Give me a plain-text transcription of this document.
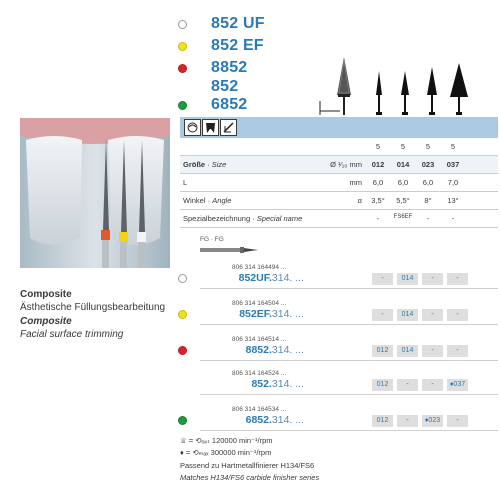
852 UF
852 EF
8852
852
6852
5	5	5	5
Größe · Size	Ø ¹⁄₁₀ mm	012	014	023	037
L	mm	6,0	6,0	6,0	7,0
Winkel · Angle	α	3,5°	5,5°	8°	13°
Spezialbezeichnung · Special name	-	FS6EF	-	-
FG · FG
806 314 164494 ...
852UF.314. ...	-	014	-	-
806 314 164504 ...
852EF.314. ...	-	014	-	-
806 314 164514 ...
8852.314. ...	012	014	-	-
806 314 164524 ...
852.314. ...	012	-	-	♦037
806 314 164534 ...
6852.314. ...	012	-	♦023	-
Composite
Ästhetische Füllungsbearbeitung
Composite
Facial surface trimming
♕ = ⟲ₒₚₜ 120000 min⁻¹/rpm
♦ = ⟲ₘₐₓ 300000 min⁻¹/rpm
Passend zu Hartmetallfinierer H134/FS6
Matches H134/FS6 carbide finisher series
